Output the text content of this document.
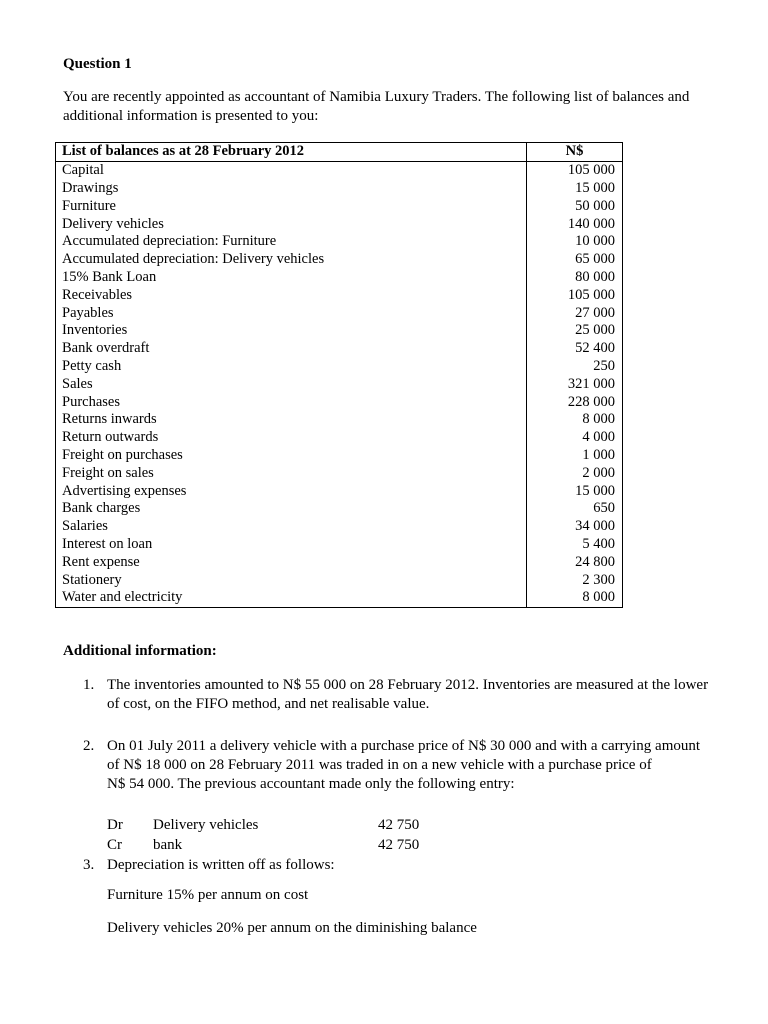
Question 1
You are recently appointed as accountant of Namibia Luxury Traders. The following list of balances and additional information is presented to you:
List of balances as at 28 February 2012	N$
Capital	105 000
Drawings	15 000
Furniture	50 000
Delivery vehicles	140 000
Accumulated depreciation: Furniture	10 000
Accumulated depreciation: Delivery vehicles	65 000
15% Bank Loan	80 000
Receivables	105 000
Payables	27 000
Inventories	25 000
Bank overdraft	52 400
Petty cash	250
Sales	321 000
Purchases	228 000
Returns inwards	8 000
Return outwards	4 000
Freight on purchases	1 000
Freight on sales	2 000
Advertising expenses	15 000
Bank charges	650
Salaries	34 000
Interest on loan	5 400
Rent expense	24 800
Stationery	2 300
Water and electricity	8 000
Additional information:
1. The inventories amounted to N$ 55 000 on 28 February 2012. Inventories are measured at the lower of cost, on the FIFO method, and net realisable value.
2. On 01 July 2011 a delivery vehicle with a purchase price of N$ 30 000 and with a carrying amount
of N$ 18 000 on 28 February 2011 was traded in on a new vehicle with a purchase price of
N$ 54 000. The previous accountant made only the following entry:
Dr Delivery vehicles	42 750
Cr bank	42 750
3. Depreciation is written off as follows:
Furniture 15% per annum on cost
Delivery vehicles 20% per annum on the diminishing balance
